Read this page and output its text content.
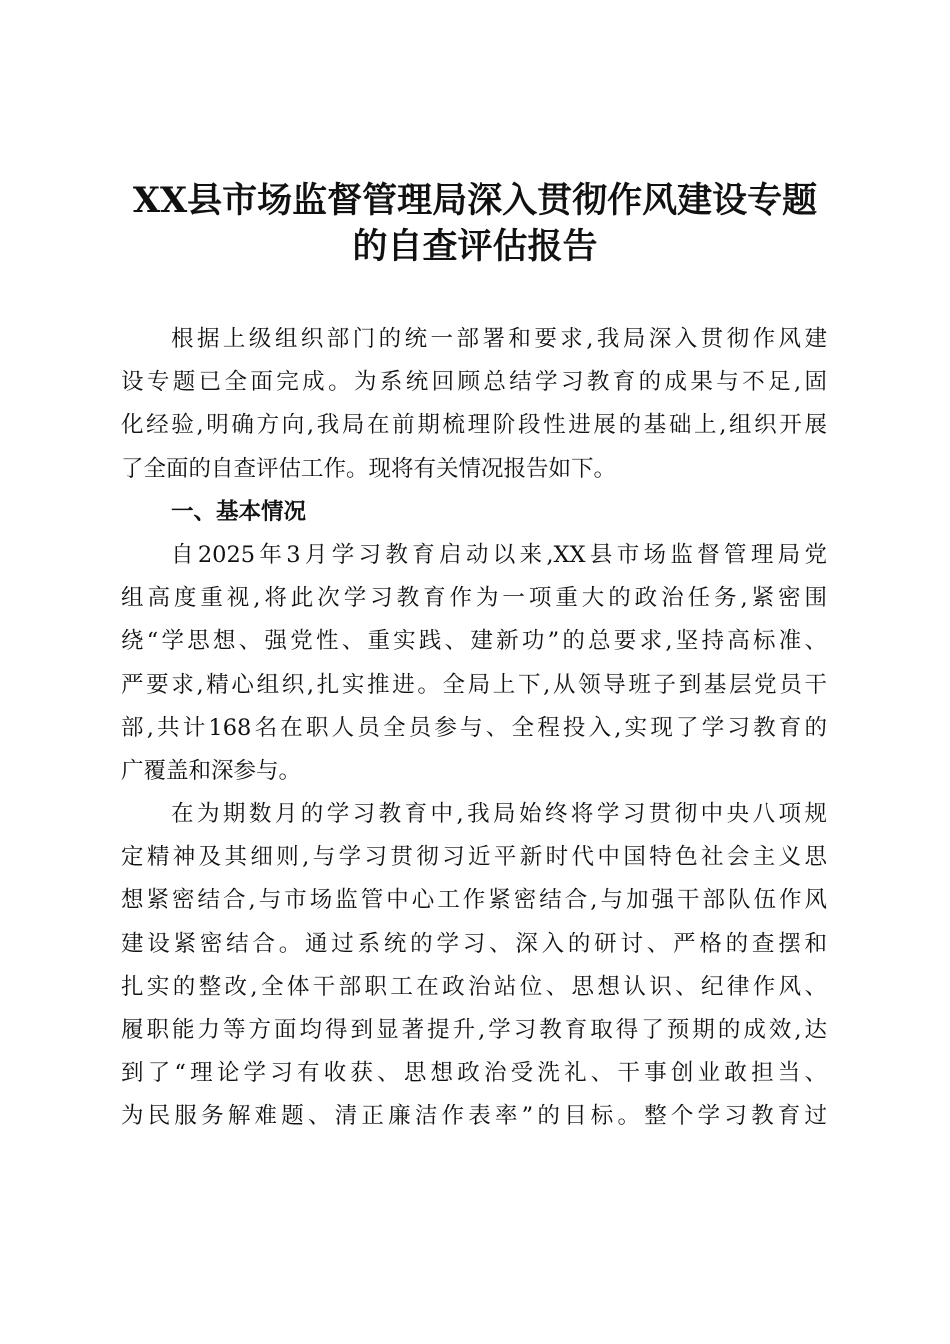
XX县市场监督管理局深入贯彻作风建设专题
的自查评估报告

根据上级组织部门的统一部署和要求,我局深入贯彻作风建
设专题已全面完成。为系统回顾总结学习教育的成果与不足,固
化经验,明确方向,我局在前期梳理阶段性进展的基础上,组织开展
了全面的自查评估工作。现将有关情况报告如下。

一、基本情况

自2025年3月学习教育启动以来,XX县市场监督管理局党
组高度重视,将此次学习教育作为一项重大的政治任务,紧密围
绕“学思想、强党性、重实践、建新功”的总要求,坚持高标准、
严要求,精心组织,扎实推进。全局上下,从领导班子到基层党员干
部,共计168名在职人员全员参与、全程投入,实现了学习教育的
广覆盖和深参与。

在为期数月的学习教育中,我局始终将学习贯彻中央八项规
定精神及其细则,与学习贯彻习近平新时代中国特色社会主义思
想紧密结合,与市场监管中心工作紧密结合,与加强干部队伍作风
建设紧密结合。通过系统的学习、深入的研讨、严格的查摆和
扎实的整改,全体干部职工在政治站位、思想认识、纪律作风、
履职能力等方面均得到显著提升,学习教育取得了预期的成效,达
到了“理论学习有收获、思想政治受洗礼、干事创业敢担当、
为民服务解难题、清正廉洁作表率”的目标。整个学习教育过
